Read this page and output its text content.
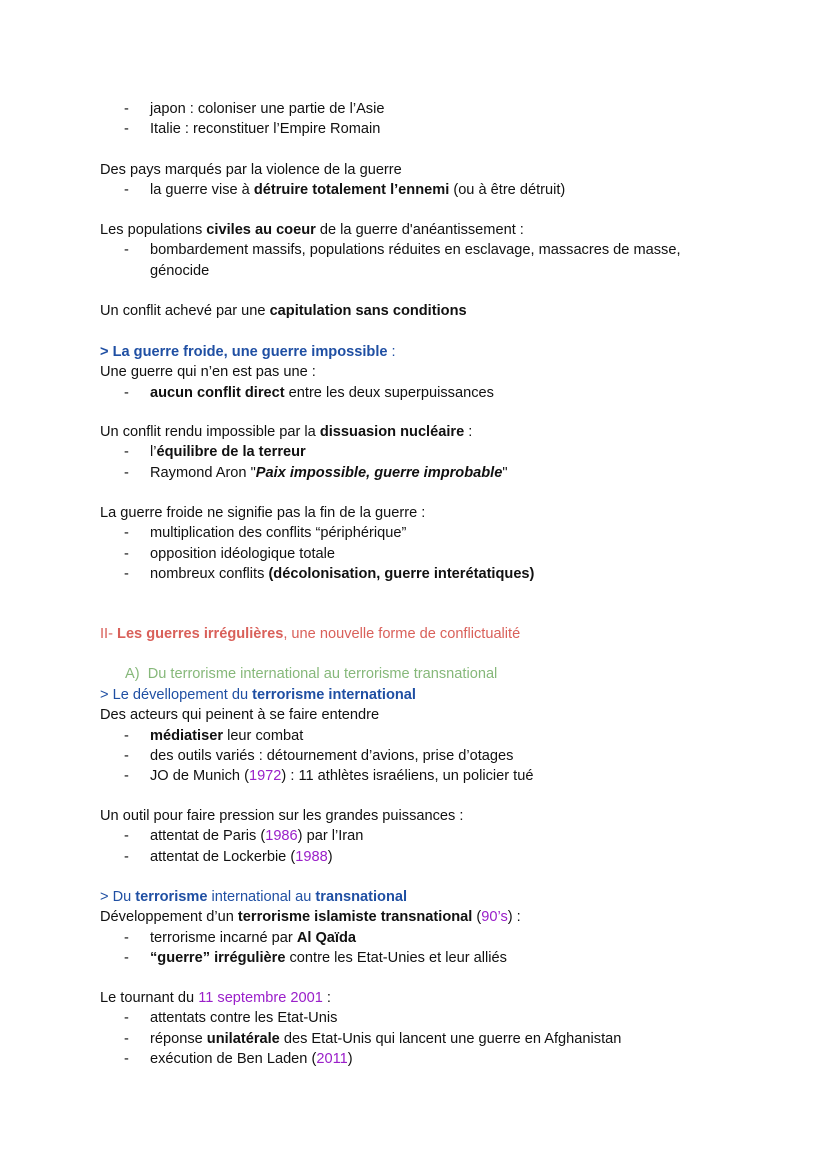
- japon : coloniser une partie de l’Asie
- Italie : reconstituer l’Empire Romain
Des pays marqués par la violence de la guerre
- la guerre vise à détruire totalement l’ennemi (ou à être détruit)
Les populations civiles au coeur de la guerre d'anéantissement :
- bombardement massifs, populations réduites en esclavage, massacres de masse,
génocide
Un conflit achevé par une capitulation sans conditions
> La guerre froide, une guerre impossible :
Une guerre qui n’en est pas une :
- aucun conflit direct entre les deux superpuissances
Un conflit rendu impossible par la dissuasion nucléaire :
- l’équilibre de la terreur
- Raymond Aron "Paix impossible, guerre improbable"
La guerre froide ne signifie pas la fin de la guerre :
- multiplication des conflits “périphérique”
- opposition idéologique totale
- nombreux conflits (décolonisation, guerre interétatiques)
II- Les guerres irrégulières, une nouvelle forme de conflictualité
A) Du terrorisme international au terrorisme transnational
> Le dévellopement du terrorisme international
Des acteurs qui peinent à se faire entendre
- médiatiser leur combat
- des outils variés : détournement d’avions, prise d’otages
- JO de Munich (1972) : 11 athlètes israéliens, un policier tué
Un outil pour faire pression sur les grandes puissances :
- attentat de Paris (1986) par l’Iran
- attentat de Lockerbie (1988)
> Du terrorisme international au transnational
Développement d’un terrorisme islamiste transnational (90’s) :
- terrorisme incarné par Al Qaïda
- “guerre” irrégulière contre les Etat-Unies et leur alliés
Le tournant du 11 septembre 2001 :
- attentats contre les Etat-Unis
- réponse unilatérale des Etat-Unis qui lancent une guerre en Afghanistan
- exécution de Ben Laden (2011)
